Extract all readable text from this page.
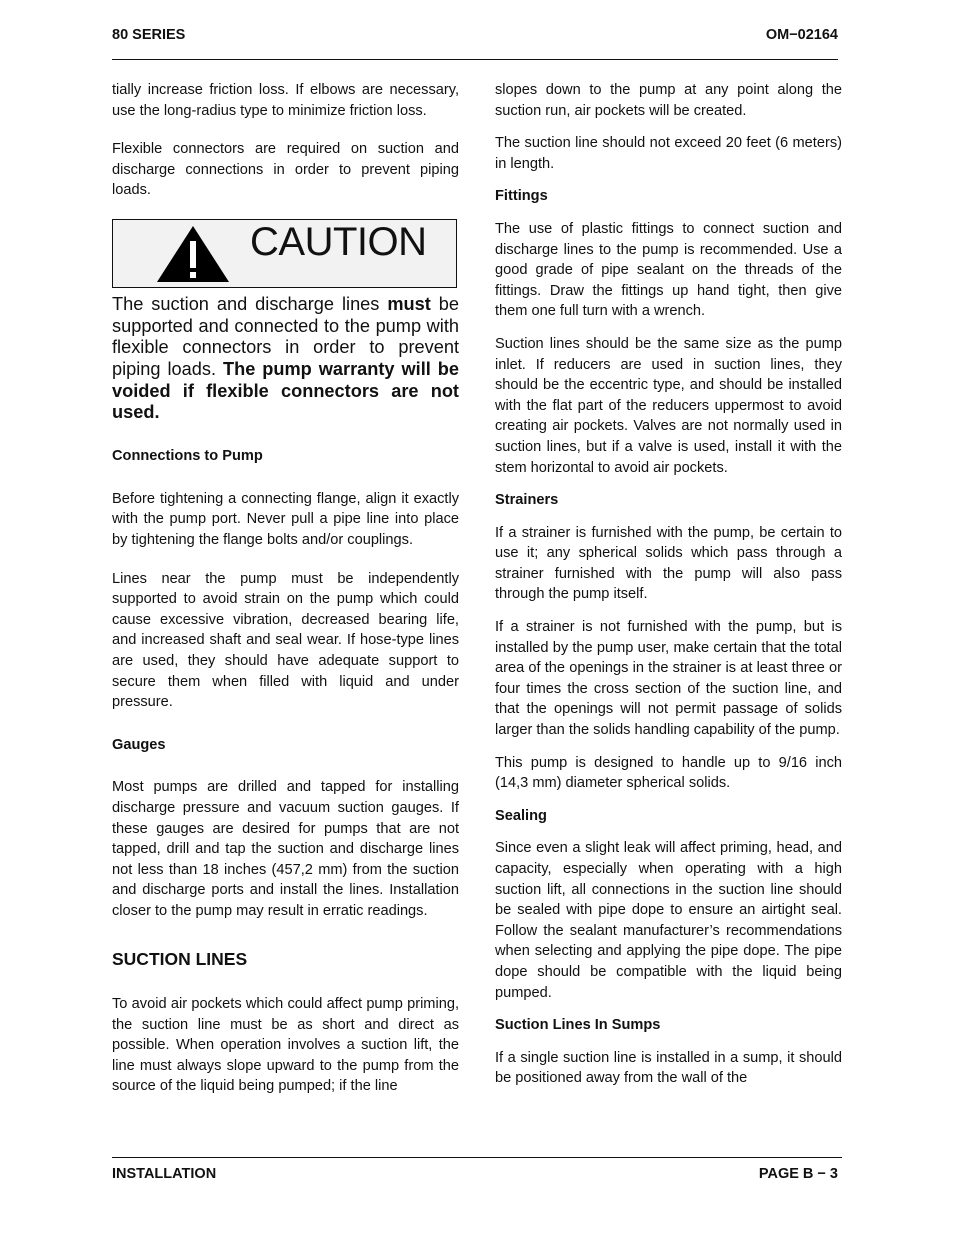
80 SERIES	OM−02164

tially increase friction loss. If elbows are necessary, use the long-radius type to minimize friction loss.

Flexible connectors are required on suction and discharge connections in order to prevent piping loads.

CAUTION

The suction and discharge lines must be supported and connected to the pump with flexible connectors in order to prevent piping loads. The pump warranty will be voided if flexible connectors are not used.

Connections to Pump

Before tightening a connecting flange, align it exactly with the pump port. Never pull a pipe line into place by tightening the flange bolts and/or couplings.

Lines near the pump must be independently supported to avoid strain on the pump which could cause excessive vibration, decreased bearing life, and increased shaft and seal wear. If hose-type lines are used, they should have adequate support to secure them when filled with liquid and under pressure.

Gauges

Most pumps are drilled and tapped for installing discharge pressure and vacuum suction gauges. If these gauges are desired for pumps that are not tapped, drill and tap the suction and discharge lines not less than 18 inches (457,2 mm) from the suction and discharge ports and install the lines. Installation closer to the pump may result in erratic readings.

SUCTION LINES

To avoid air pockets which could affect pump priming, the suction line must be as short and direct as possible. When operation involves a suction lift, the line must always slope upward to the pump from the source of the liquid being pumped; if the line

slopes down to the pump at any point along the suction run, air pockets will be created.

The suction line should not exceed 20 feet (6 meters) in length.

Fittings

The use of plastic fittings to connect suction and discharge lines to the pump is recommended. Use a good grade of pipe sealant on the threads of the fittings. Draw the fittings up hand tight, then give them one full turn with a wrench.

Suction lines should be the same size as the pump inlet. If reducers are used in suction lines, they should be the eccentric type, and should be installed with the flat part of the reducers uppermost to avoid creating air pockets. Valves are not normally used in suction lines, but if a valve is used, install it with the stem horizontal to avoid air pockets.

Strainers

If a strainer is furnished with the pump, be certain to use it; any spherical solids which pass through a strainer furnished with the pump will also pass through the pump itself.

If a strainer is not furnished with the pump, but is installed by the pump user, make certain that the total area of the openings in the strainer is at least three or four times the cross section of the suction line, and that the openings will not permit passage of solids larger than the solids handling capability of the pump.

This pump is designed to handle up to 9/16 inch (14,3 mm) diameter spherical solids.

Sealing

Since even a slight leak will affect priming, head, and capacity, especially when operating with a high suction lift, all connections in the suction line should be sealed with pipe dope to ensure an airtight seal. Follow the sealant manufacturer’s recommendations when selecting and applying the pipe dope. The pipe dope should be compatible with the liquid being pumped.

Suction Lines In Sumps

If a single suction line is installed in a sump, it should be positioned away from the wall of the

INSTALLATION	PAGE B − 3
